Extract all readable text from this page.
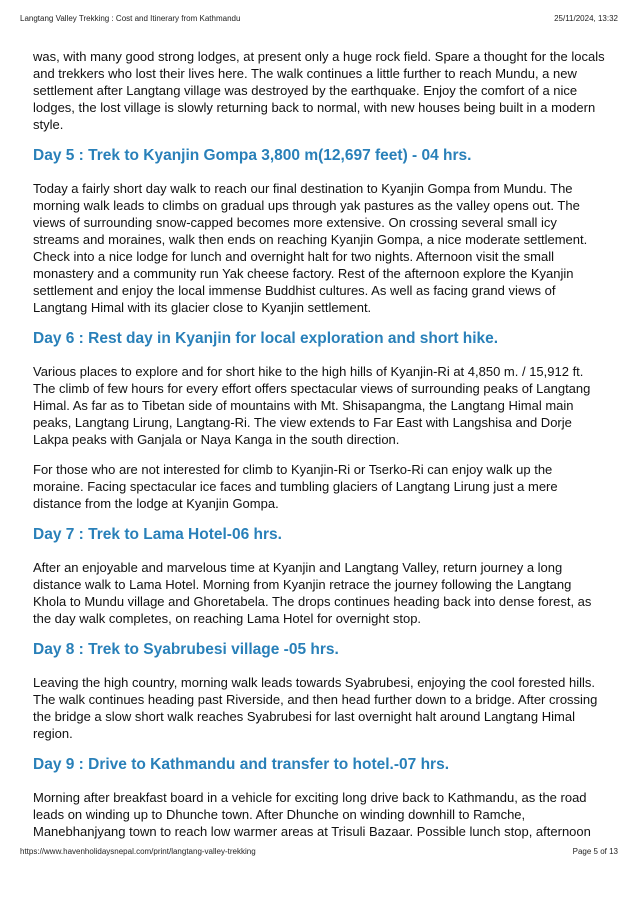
Langtang Valley Trekking : Cost and Itinerary from Kathmandu	25/11/2024, 13:32

was, with many good strong lodges, at present only a huge rock field. Spare a thought for the locals and trekkers who lost their lives here. The walk continues a little further to reach Mundu, a new settlement after Langtang village was destroyed by the earthquake. Enjoy the comfort of a nice lodges, the lost village is slowly returning back to normal, with new houses being built in a modern style.

Day 5 : Trek to Kyanjin Gompa 3,800 m(12,697 feet) - 04 hrs.

Today a fairly short day walk to reach our final destination to Kyanjin Gompa from Mundu. The morning walk leads to climbs on gradual ups through yak pastures as the valley opens out. The views of surrounding snow-capped becomes more extensive. On crossing several small icy streams and moraines, walk then ends on reaching Kyanjin Gompa, a nice moderate settlement. Check into a nice lodge for lunch and overnight halt for two nights. Afternoon visit the small monastery and a community run Yak cheese factory. Rest of the afternoon explore the Kyanjin settlement and enjoy the local immense Buddhist cultures. As well as facing grand views of Langtang Himal with its glacier close to Kyanjin settlement.

Day 6 : Rest day in Kyanjin for local exploration and short hike.

Various places to explore and for short hike to the high hills of Kyanjin-Ri at 4,850 m. / 15,912 ft. The climb of few hours for every effort offers spectacular views of surrounding peaks of Langtang Himal. As far as to Tibetan side of mountains with Mt. Shisapangma, the Langtang Himal main peaks, Langtang Lirung, Langtang-Ri. The view extends to Far East with Langshisa and Dorje Lakpa peaks with Ganjala or Naya Kanga in the south direction.

For those who are not interested for climb to Kyanjin-Ri or Tserko-Ri can enjoy walk up the moraine. Facing spectacular ice faces and tumbling glaciers of Langtang Lirung just a mere distance from the lodge at Kyanjin Gompa.

Day 7 : Trek to Lama Hotel-06 hrs.

After an enjoyable and marvelous time at Kyanjin and Langtang Valley, return journey a long distance walk to Lama Hotel. Morning from Kyanjin retrace the journey following the Langtang Khola to Mundu village and Ghoretabela. The drops continues heading back into dense forest, as the day walk completes, on reaching Lama Hotel for overnight stop.

Day 8 : Trek to Syabrubesi village -05 hrs.

Leaving the high country, morning walk leads towards Syabrubesi, enjoying the cool forested hills. The walk continues heading past Riverside, and then head further down to a bridge. After crossing the bridge a slow short walk reaches Syabrubesi for last overnight halt around Langtang Himal region.

Day 9 : Drive to Kathmandu and transfer to hotel.-07 hrs.

Morning after breakfast board in a vehicle for exciting long drive back to Kathmandu, as the road leads on winding up to Dhunche town. After Dhunche on winding downhill to Ramche, Manebhanjyang town to reach low warmer areas at Trisuli Bazaar. Possible lunch stop, afternoon

https://www.havenholidaysnepal.com/print/langtang-valley-trekking	Page 5 of 13
